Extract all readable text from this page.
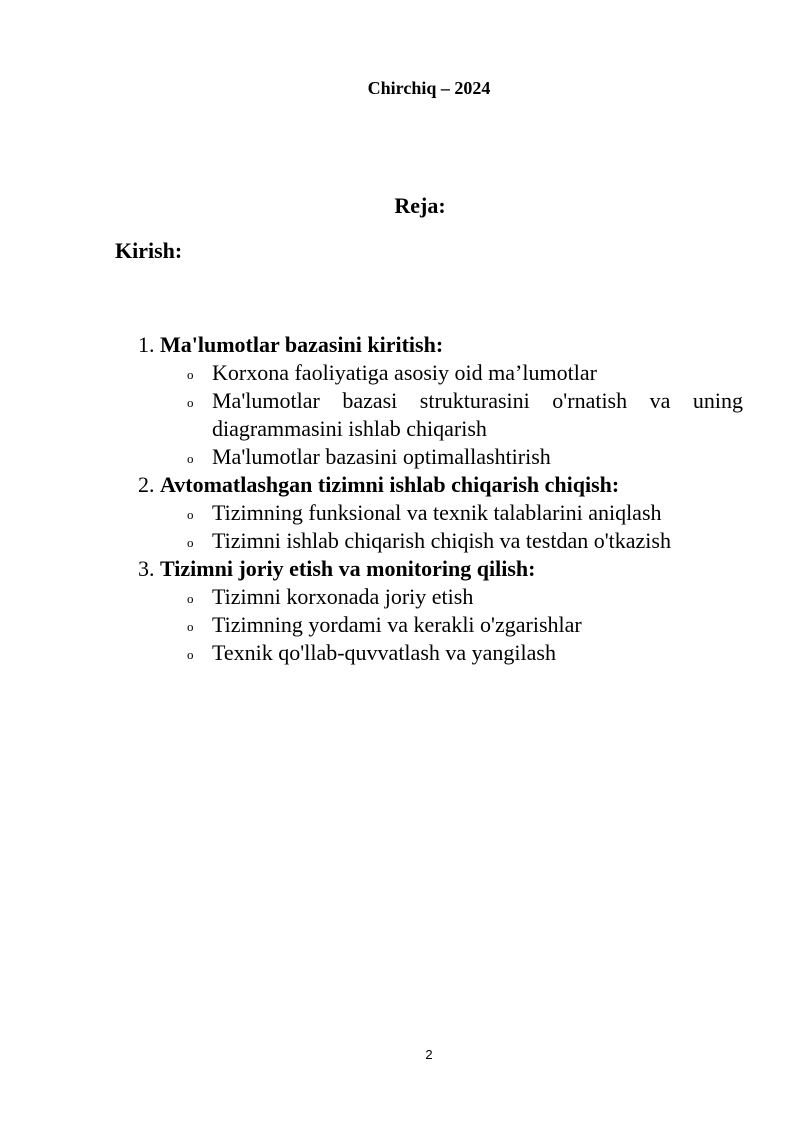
Chirchiq – 2024
Reja:
Kirish:
1. Ma'lumotlar bazasini kiritish:
o Korxona faoliyatiga asosiy oid ma’lumotlar
o Ma'lumotlar bazasi strukturasini o'rnatish va uning diagrammasini ishlab chiqarish
o Ma'lumotlar bazasini optimallashtirish
2. Avtomatlashgan tizimni ishlab chiqarish chiqish:
o Tizimning funksional va texnik talablarini aniqlash
o Tizimni ishlab chiqarish chiqish va testdan o'tkazish
3. Tizimni joriy etish va monitoring qilish:
o Tizimni korxonada joriy etish
o Tizimning yordami va kerakli o'zgarishlar
o Texnik qo'llab-quvvatlash va yangilash
2
